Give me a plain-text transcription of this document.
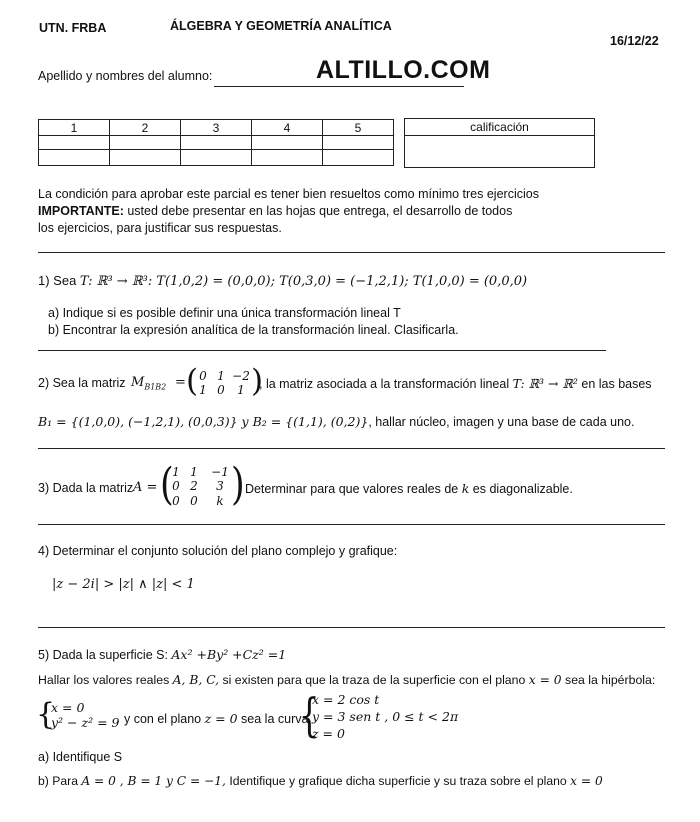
UTN. FRBA	ÁLGEBRA Y GEOMETRÍA ANALÍTICA
16/12/22
Apellido y nombres del alumno:	ALTILLO.COM
1	2	3	4	5

					calificación
La condición para aprobar este parcial es tener bien resueltos como mínimo tres ejercicios
IMPORTANTE: usted debe presentar en las hojas que entrega, el desarrollo de todos
los ejercicios, para justificar sus respuestas.
1) Sea T: ℝ³ → ℝ³: T(1,0,2) = (0,0,0); T(0,3,0) = (−1,2,1); T(1,0,0) = (0,0,0)
a) Indique si es posible definir una única transformación lineal T
b) Encontrar la expresión analítica de la transformación lineal. Clasificarla.
2) Sea la matriz $M_{B1B2}$ = ( 0 1 −2
1 0	1 )
, la matriz asociada a la transformación lineal T: ℝ³ → ℝ² en las bases
B₁ = {(1,0,0), (−1,2,1), (0,0,3)} y B₂ = {(1,1), (0,2)}, hallar núcleo, imagen y una base de cada uno.
3) Dada la matriz A = (
1 1 −1
0 2	3
0 0	k )
, Determinar para que valores reales de k es diagonalizable.
4) Determinar el conjunto solución del plano complejo y grafique:
|z − 2i| > |z| ∧ |z| < 1
5) Dada la superficie S: Ax² +By² +Cz² =1
Hallar los valores reales A, B, C, si existen para que la traza de la superficie con el plano x = 0 sea la hipérbola:
{
x = 0
y² − z² = 9 y con el plano z = 0 sea la curva
{
x = 2 cos t
y = 3 sen t , 0 ≤ t < 2π
z = 0
a) Identifique S
b) Para A = 0 , B = 1 y C = −1, Identifique y grafique dicha superficie y su traza sobre el plano x = 0
